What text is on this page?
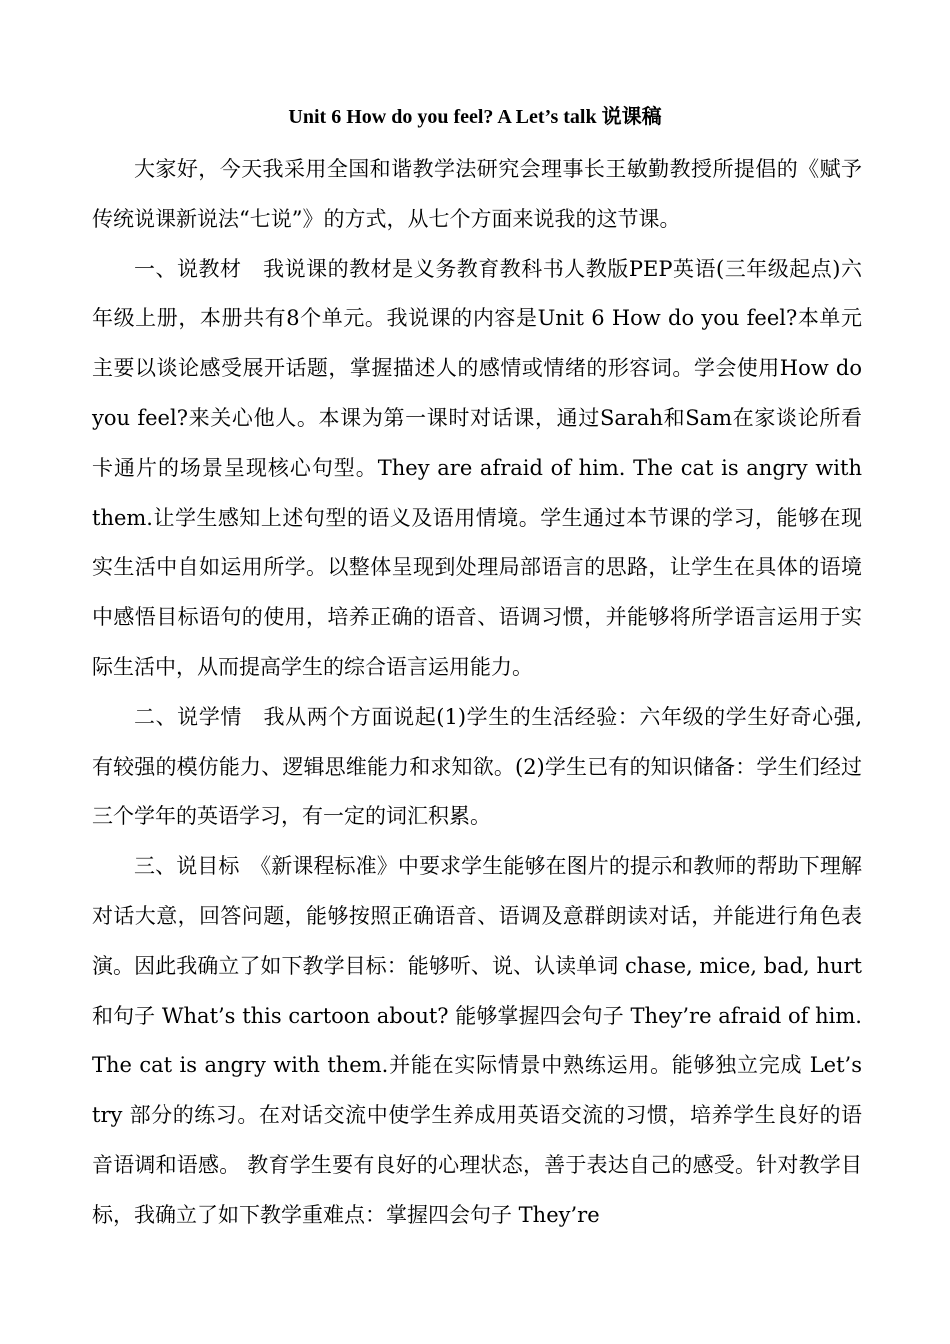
Unit 6 How do you feel? A Let’s talk 说课稿

大家好，今天我采用全国和谐教学法研究会理事长王敏勤教授所提倡的《赋予传统说课新说法“七说”》的方式，从七个方面来说我的这节课。

一、说教材　我说课的教材是义务教育教科书人教版PEP英语(三年级起点)六年级上册，本册共有8个单元。我说课的内容是Unit 6 How do you feel?本单元主要以谈论感受展开话题，掌握描述人的感情或情绪的形容词。学会使用How do you feel?来关心他人。本课为第一课时对话课，通过Sarah和Sam在家谈论所看卡通片的场景呈现核心句型。They are afraid of him. The cat is angry with them.让学生感知上述句型的语义及语用情境。学生通过本节课的学习，能够在现实生活中自如运用所学。以整体呈现到处理局部语言的思路，让学生在具体的语境中感悟目标语句的使用，培养正确的语音、语调习惯，并能够将所学语言运用于实际生活中，从而提高学生的综合语言运用能力。

二、说学情　我从两个方面说起(1)学生的生活经验：六年级的学生好奇心强,有较强的模仿能力、逻辑思维能力和求知欲。(2)学生已有的知识储备：学生们经过三个学年的英语学习，有一定的词汇积累。

三、说目标　《新课程标准》中要求学生能够在图片的提示和教师的帮助下理解对话大意，回答问题，能够按照正确语音、语调及意群朗读对话，并能进行角色表演。因此我确立了如下教学目标：能够听、说、认读单词 chase, mice, bad, hurt 和句子 What’s this cartoon about? 能够掌握四会句子 They’re afraid of him. The cat is angry with them.并能在实际情景中熟练运用。能够独立完成 Let’s try 部分的练习。在对话交流中使学生养成用英语交流的习惯，培养学生良好的语音语调和语感。 教育学生要有良好的心理状态，善于表达自己的感受。针对教学目标，我确立了如下教学重难点：掌握四会句子 They’re
